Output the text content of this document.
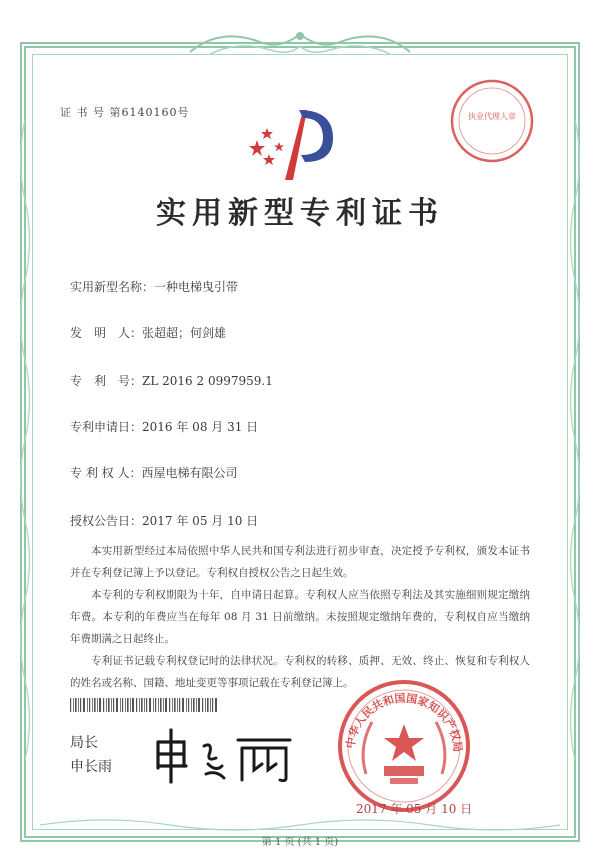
证 书 号 第6140160号	执业代理人章
实用新型专利证书
实用新型名称：一种电梯曳引带
发　明　人：张超超；何剑雄
专　利　号：ZL 2016 2 0997959.1
专利申请日：2016 年 08 月 31 日
专 利 权 人：西屋电梯有限公司
授权公告日：2017 年 05 月 10 日

本实用新型经过本局依照中华人民共和国专利法进行初步审查，决定授予专利权，颁发本证书并在专利登记簿上予以登记。专利权自授权公告之日起生效。

本专利的专利权期限为十年，自申请日起算。专利权人应当依照专利法及其实施细则规定缴纳年费。本专利的年费应当在每年 08 月 31 日前缴纳。未按照规定缴纳年费的，专利权自应当缴纳年费期满之日起终止。

专利证书记载专利权登记时的法律状况。专利权的转移、质押、无效、终止、恢复和专利权人的姓名或名称、国籍、地址变更等事项记载在专利登记簿上。

局长
申长雨
中华人民共和国国家知识产权局
2017 年 05 月 10 日
第 1 页 (共 1 页)
